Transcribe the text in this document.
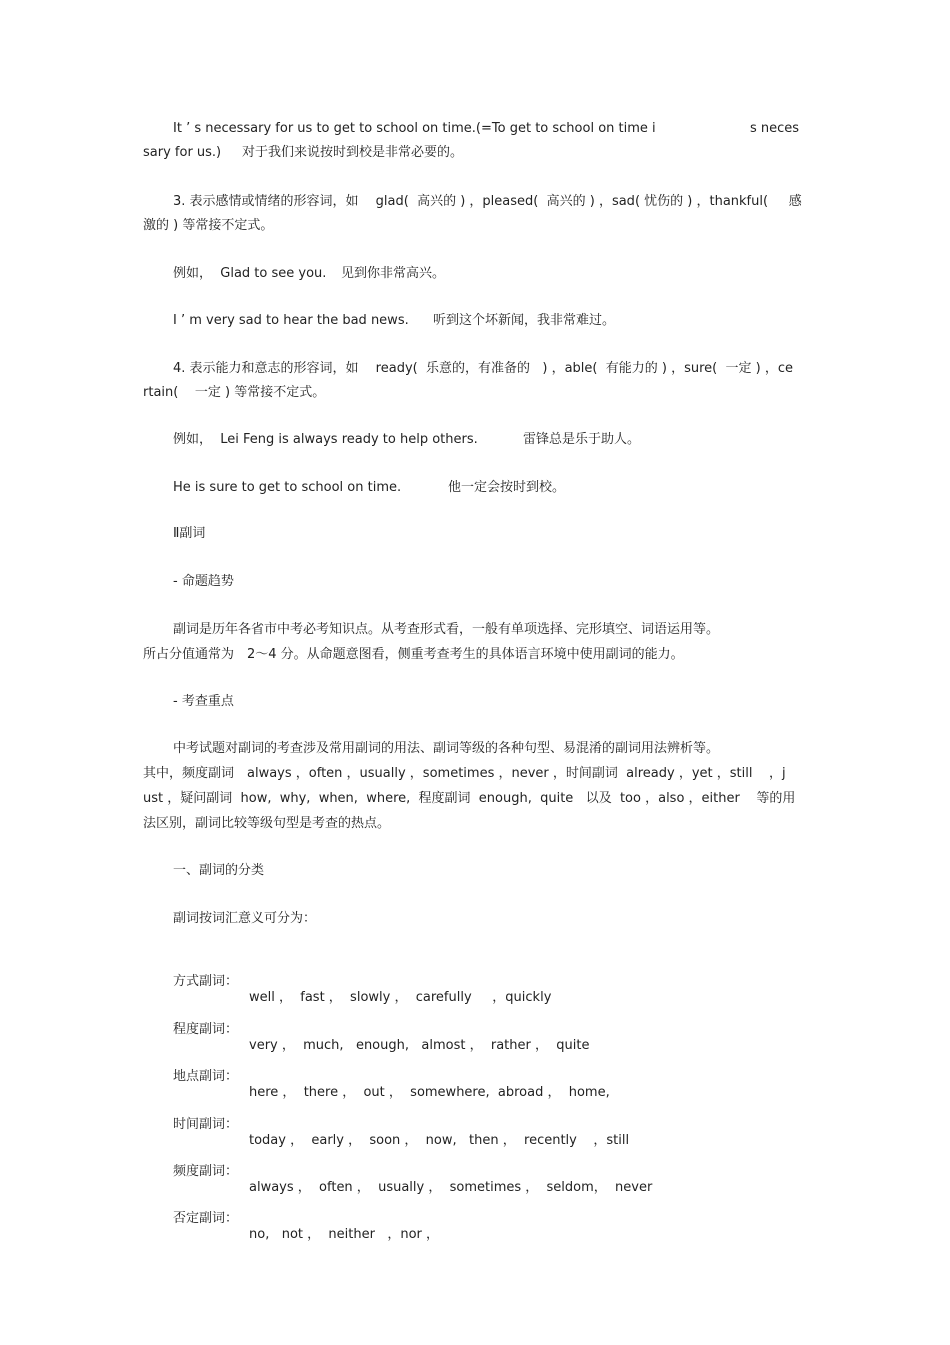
It ’ s necessary for us to get to school on time.(=To get to school on time i	s neces
sary for us.) 对于我们来说按时到校是非常必要的。
3. 表示感情或情绪的形容词，如　 glad(  高兴的 ) ，pleased(  高兴的 ) ，sad( 忧伤的 ) ，thankful(     感
激的 ) 等常接不定式。
例如，  Glad to see you. 见到你非常高兴。
I ’ m very sad to hear the bad news. 听到这个坏新闻，我非常难过。
4. 表示能力和意志的形容词，如　 ready(  乐意的，有准备的   ) ，able(  有能力的 ) ，sure(  一定 ) ，ce
rtain(    一定 ) 等常接不定式。
例如，  Lei Feng is always ready to help others.	雷锋总是乐于助人。
He is sure to get to school on time.	他一定会按时到校。
Ⅱ副词
- 命题趋势
副词是历年各省市中考必考知识点。从考查形式看，一般有单项选择、完形填空、词语运用等。
所占分值通常为　2～4 分。从命题意图看，侧重考查考生的具体语言环境中使用副词的能力。
- 考查重点
中考试题对副词的考查涉及常用副词的用法、副词等级的各种句型、易混淆的副词用法辨析等。
其中，频度副词　always ，often ，usually ，sometimes ，never ，时间副词  already ，yet ，still    ，j
ust ，疑问副词  how,  why,  when,  where,  程度副词  enough,  quite   以及  too ，also ，either    等的用
法区别，副词比较等级句型是考查的热点。
一、副词的分类
副词按词汇意义可分为：

方式副词：

well ，  fast ，  slowly ，  carefully     ，quickly

程度副词：

very ，  much,   enough,   almost ，  rather ，  quite

地点副词：

here ，  there ，  out ，  somewhere,  abroad ，  home,

时间副词：

today ，  early ，  soon ，  now,   then ，  recently    ，still

频度副词：

always ，  often ，  usually ，  sometimes ，  seldom，  never

否定副词：

no,   not ，  neither   ，nor ，
